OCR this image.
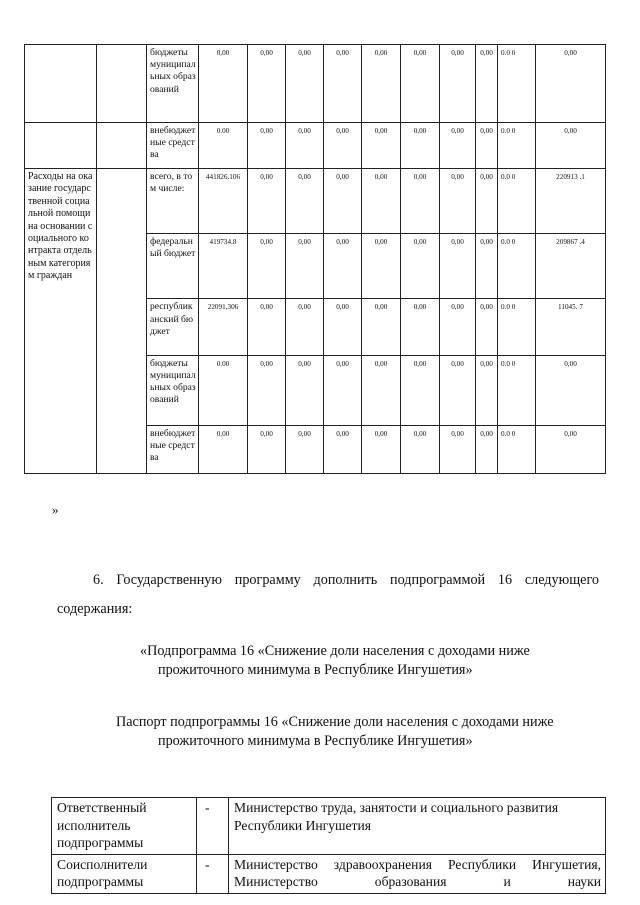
		бюджеты муниципальных образований	0,00	0,00	0,00	0,00	0,00	0,00	0,00	0,00	0.0 0	0,00	
		внебюджетные средства	0.00	0,00	0,00	0,00	0,00	0,00	0,00	0,00	0.0 0	0,00	
Расходы на оказание государственной социальной помощи на основании социального контракта отдельным категориям граждан		всего, в том числе:	441826.106	0,00	0,00	0,00	0,00	0,00	0,00	0,00	0.0 0	220913 .1	
		федеральный бюджет	419734.8	0,00	0,00	0,00	0,00	0,00	0,00	0,00	0.0 0	209867 .4	
		республиканский бюджет	22091,306	0,00	0,00	0,00	0,00	0,00	0,00	0,00	0.0 0	11045. 7	
		бюджеты муниципальных образований	0.00	0,00	0,00	0,00	0,00	0,00	0,00	0,00	0.0 0	0,00	
		внебюджетные средства	0,00	0,00	0,00	0,00	0,00	0,00	0,00	0,00	0.0 0	0,00	
»
6. Государственную программу дополнить подпрограммой 16 следующего содержания:
«Подпрограмма 16 «Снижение доли населения с доходами ниже
прожиточного минимума в Республике Ингушетия»
Паспорт подпрограммы 16 «Снижение доли населения с доходами ниже
прожиточного минимума в Республике Ингушетия»
Ответственный исполнитель подпрограммы	-	Министерство труда, занятости и социального развития Республики Ингушетия
Соисполнители подпрограммы	-	Министерство здравоохранения Республики Ингушетия, Министерство образования и науки
